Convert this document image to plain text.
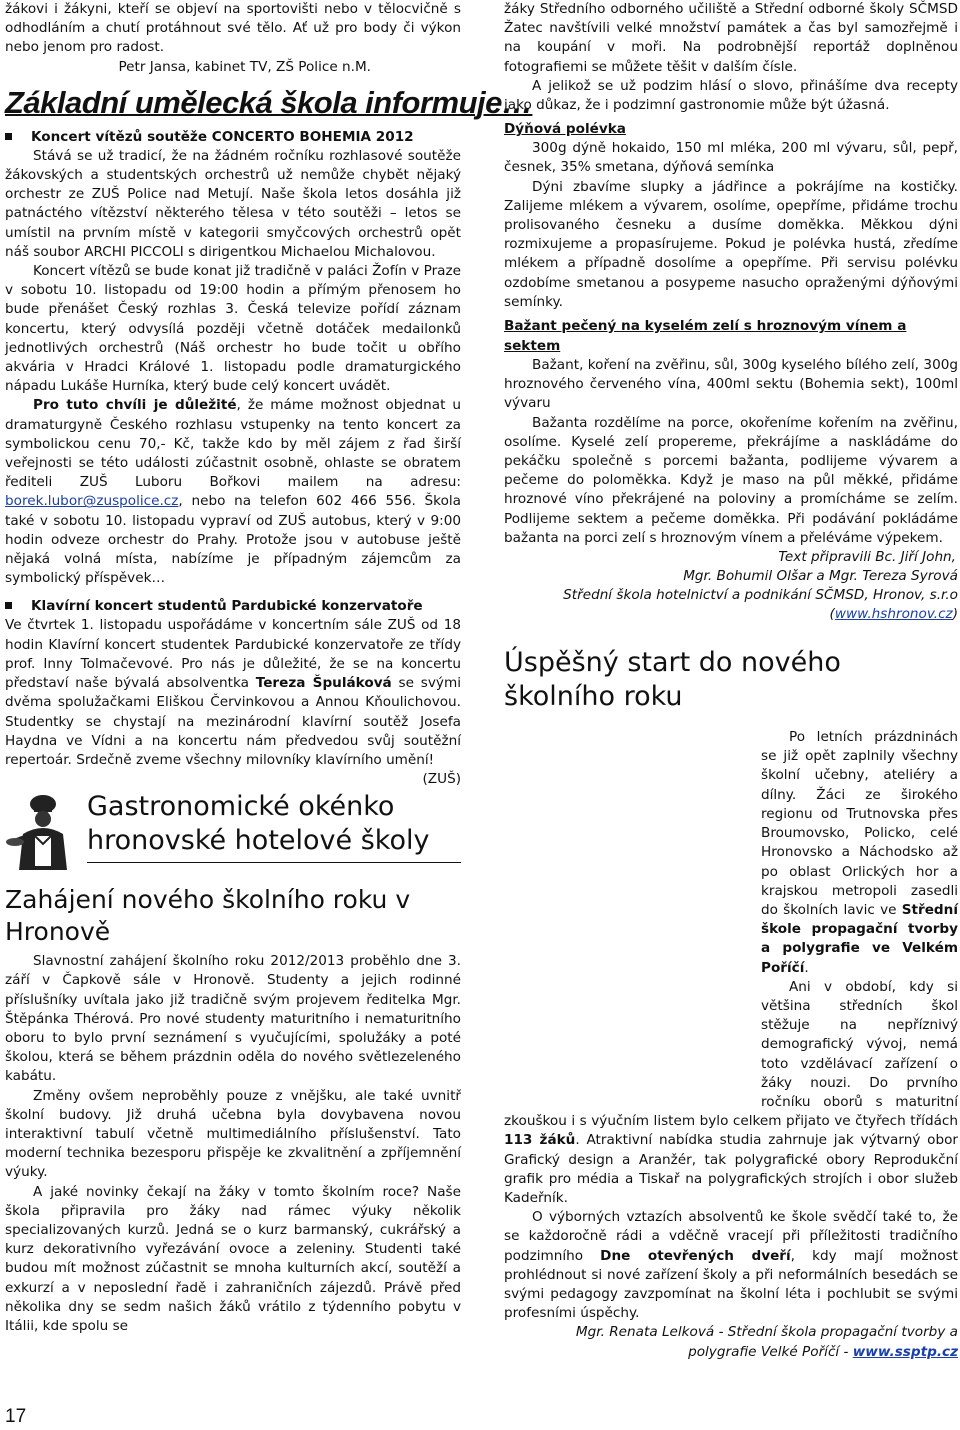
žákovi i žákyni, kteří se objeví na sportovišti nebo v tělocvičně s odhodláním a chutí protáhnout své tělo. Ať už pro body či výkon nebo jenom pro radost.

Petr Jansa, kabinet TV, ZŠ Police n.M.

Základní umělecká škola informuje…
Koncert vítězů soutěže CONCERTO BOHEMIA 2012

Stává se už tradicí, že na žádném ročníku rozhlasové soutěže žákovských a studentských orchestrů už nemůže chybět nějaký orchestr ze ZUŠ Police nad Metují. Naše škola letos dosáhla již patnáctého vítězství některého tělesa v této soutěži – letos se umístil na prvním místě v kategorii smyčcových orchestrů opět náš soubor ARCHI PICCOLI s dirigentkou Michaelou Michalovou.

Koncert vítězů se bude konat již tradičně v paláci Žofín v Praze v sobotu 10. listopadu od 19:00 hodin a přímým přenosem ho bude přenášet Český rozhlas 3. Česká televize pořídí záznam koncertu, který odvysílá později včetně dotáček medailonků jednotlivých orchestrů (Náš orchestr ho bude točit u obřího akvária v Hradci Králové 1. listopadu podle dramaturgického nápadu Lukáše Hurníka, který bude celý koncert uvádět.

Pro tuto chvíli je důležité, že máme možnost objednat u dramaturgyně Českého rozhlasu vstupenky na tento koncert za symbolickou cenu 70,- Kč, takže kdo by měl zájem z řad širší veřejnosti se této události zúčastnit osobně, ohlaste se obratem řediteli ZUŠ Luboru Bořkovi mailem na adresu: borek.lubor@zuspolice.cz, nebo na telefon 602 466 556. Škola také v sobotu 10. listopadu vypraví od ZUŠ autobus, který v 9:00 hodin odveze orchestr do Prahy. Protože jsou v autobuse ještě nějaká volná místa, nabízíme je případným zájemcům za symbolický příspěvek…

Klavírní koncert studentů Pardubické konzervatoře

Ve čtvrtek 1. listopadu uspořádáme v koncertním sále ZUŠ od 18 hodin Klavírní koncert studentek Pardubické konzervatoře ze třídy prof. Inny Tolmačevové. Pro nás je důležité, že se na koncertu představí naše bývalá absolventka Tereza Špuláková se svými dvěma spolužačkami Eliškou Červinkovou a Annou Kňoulichovou. Studentky se chystají na mezinárodní klavírní soutěž Josefa Haydna ve Vídni a na koncertu nám předvedou svůj soutěžní repertoár. Srdečně zveme všechny milovníky klavírního umění!
(ZUŠ)

Gastronomické okénko hronovské hotelové školy
Zahájení nového školního roku v Hronově

Slavnostní zahájení školního roku 2012/2013 proběhlo dne 3. září v Čapkově sále v Hronově. Studenty a jejich rodinné příslušníky uvítala jako již tradičně svým projevem ředitelka Mgr. Štěpánka Thérová. Pro nové studenty maturitního i nematuritního oboru to bylo první seznámení s vyučujícími, spolužáky a poté školou, která se během prázdnin oděla do nového světlezeleného kabátu.

Změny ovšem neproběhly pouze z vnějšku, ale také uvnitř školní budovy. Již druhá učebna byla dovybavena novou interaktivní tabulí včetně multimediálního příslušenství. Tato moderní technika bezesporu přispěje ke zkvalitnění a zpříjemnění výuky.

A jaké novinky čekají na žáky v tomto školním roce? Naše škola připravila pro žáky nad rámec výuky několik specializovaných kurzů. Jedná se o kurz barmanský, cukrářský a kurz dekorativního vyřezávání ovoce a zeleniny. Studenti také budou mít možnost zúčastnit se mnoha kulturních akcí, soutěží a exkurzí a v neposlední řadě i zahraničních zájezdů. Právě před několika dny se sedm našich žáků vrátilo z týdenního pobytu v Itálii, kde spolu se

17

žáky Středního odborného učiliště a Střední odborné školy SČMSD Žatec navštívili velké množství památek a čas byl samozřejmě i na koupání v moři. Na podrobnější reportáž doplněnou fotografiemi se můžete těšit v dalším čísle.

A jelikož se už podzim hlásí o slovo, přinášíme dva recepty jako důkaz, že i podzimní gastronomie může být úžasná.

Dýňová polévka

300g dýně hokaido, 150 ml mléka, 200 ml vývaru, sůl, pepř, česnek, 35% smetana, dýňová semínka

Dýni zbavíme slupky a jádřince a pokrájíme na kostičky. Zalijeme mlékem a vývarem, osolíme, opepříme, přidáme trochu prolisovaného česneku a dusíme doměkka. Měkkou dýni rozmixujeme a propasírujeme. Pokud je polévka hustá, zředíme mlékem a případně dosolíme a opepříme. Při servisu polévku ozdobíme smetanou a posypeme nasucho opraženými dýňovými semínky.

Bažant pečený na kyselém zelí s hroznovým vínem a sektem

Bažant, koření na zvěřinu, sůl, 300g kyselého bílého zelí, 300g hroznového červeného vína, 400ml sektu (Bohemia sekt), 100ml vývaru

Bažanta rozdělíme na porce, okořeníme kořením na zvěřinu, osolíme. Kyselé zelí propereme, překrájíme a naskládáme do pekáčku společně s porcemi bažanta, podlijeme vývarem a pečeme do poloměkka. Když je maso na půl měkké, přidáme hroznové víno překrájené na poloviny a promícháme se zelím. Podlijeme sektem a pečeme doměkka. Při podávání pokládáme bažanta na porci zelí s hroznovým vínem a přeléváme výpekem.

Text připravili Bc. Jiří John,
Mgr. Bohumil Olšar a Mgr. Tereza Syrová
Střední škola hotelnictví a podnikání SČMSD, Hronov, s.r.o
(www.hshronov.cz)
Úspěšný start do nového školního roku

Po letních prázdninách se již opět zaplnily všechny školní učebny, ateliéry a dílny. Žáci ze širokého regionu od Trutnovska přes Broumovsko, Policko, celé Hronovsko a Náchodsko až po oblast Orlických hor a krajskou metropoli zasedli do školních lavic ve Střední škole propagační tvorby a polygrafie ve Velkém Poříčí.

Ani v období, kdy si většina středních škol stěžuje na nepříznivý demografický vývoj, nemá toto vzdělávací zařízení o žáky nouzi. Do prvního ročníku oborů s maturitní zkouškou i s výučním listem bylo celkem přijato ve čtyřech třídách 113 žáků. Atraktivní nabídka studia zahrnuje jak výtvarný obor Grafický design a Aranžér, tak polygrafické obory Reprodukční grafik pro média a Tiskař na polygrafických strojích i obor služeb Kadeřník.

O výborných vztazích absolventů ke škole svědčí také to, že se každoročně rádi a vděčně vracejí při příležitosti tradičního podzimního Dne otevřených dveří, kdy mají možnost prohlédnout si nové zařízení školy a při neformálních besedách se svými pedagogy zavzpomínat na školní léta i pochlubit se svými profesními úspěchy.

Mgr. Renata Lelková - Střední škola propagační tvorby a polygrafie Velké Poříčí - www.ssptp.cz
